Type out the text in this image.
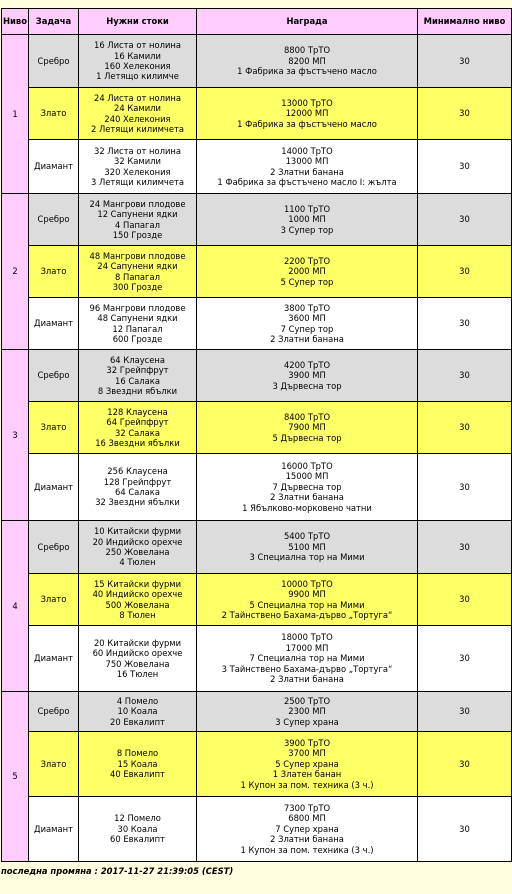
Ниво	Задача	Нужни стоки	Награда	Минимално ниво
1	Сребро	16 Листа от нолина
16 Камили
160 Хелекония
1 Летящо килимче	8800 ТрТО
8200 МП
1 Фабрика за фъстъчено масло	30
	Злато	24 Листа от нолина
24 Камили
240 Хелекония
2 Летящи килимчета	13000 ТрТО
12000 МП
1 Фабрика за фъстъчено масло	30
	Диамант	32 Листа от нолина
32 Камили
320 Хелекония
3 Летящи килимчета	14000 ТрТО
13000 МП
2 Златни банана
1 Фабрика за фъстъчено масло I: жълта	30
2	Сребро	24 Мангрови плодове
12 Сапунени ядки
4 Папагал
150 Грозде	1100 ТрТО
1000 МП
3 Супер тор	30
	Злато	48 Мангрови плодове
24 Сапунени ядки
8 Папагал
300 Грозде	2200 ТрТО
2000 МП
5 Супер тор	30
	Диамант	96 Мангрови плодове
48 Сапунени ядки
12 Папагал
600 Грозде	3800 ТрТО
3600 МП
7 Супер тор
2 Златни банана	30
3	Сребро	64 Клаусена
32 Грейпфрут
16 Салака
8 Звездни ябълки	4200 ТрТО
3900 МП
3 Дървесна тор	30
	Злато	128 Клаусена
64 Грейпфрут
32 Салака
16 Звездни ябълки	8400 ТрТО
7900 МП
5 Дървесна тор	30
	Диамант	256 Клаусена
128 Грейпфрут
64 Салака
32 Звездни ябълки	16000 ТрТО
15000 МП
7 Дървесна тор
2 Златни банана
1 Ябълково-морковено чатни	30
4	Сребро	10 Китайски фурми
20 Индийско орехче
250 Жовелана
4 Тюлен	5400 ТрТО
5100 МП
3 Специална тор на Мими	30
	Злато	15 Китайски фурми
40 Индийско орехче
500 Жовелана
8 Тюлен	10000 ТрТО
9900 МП
5 Специална тор на Мими
2 Тайнствено Бахама-дърво „Тортуга“	30
	Диамант	20 Китайски фурми
60 Индийско орехче
750 Жовелана
16 Тюлен	18000 ТрТО
17000 МП
7 Специална тор на Мими
3 Тайнствено Бахама-дърво „Тортуга“
2 Златни банана	30
5	Сребро	4 Помело
10 Коала
20 Евкалипт	2500 ТрТО
2300 МП
3 Супер храна	30
	Злато	8 Помело
15 Коала
40 Евкалипт	3900 ТрТО
3700 МП
5 Супер храна
1 Златен банан
1 Купон за пом. техника (3 ч.)	30
	Диамант	12 Помело
30 Коала
60 Евкалипт	7300 ТрТО
6800 МП
7 Супер храна
2 Златни банана
1 Купон за пом. техника (3 ч.)	30
последна промяна : 2017-11-27 21:39:05 (CEST)
